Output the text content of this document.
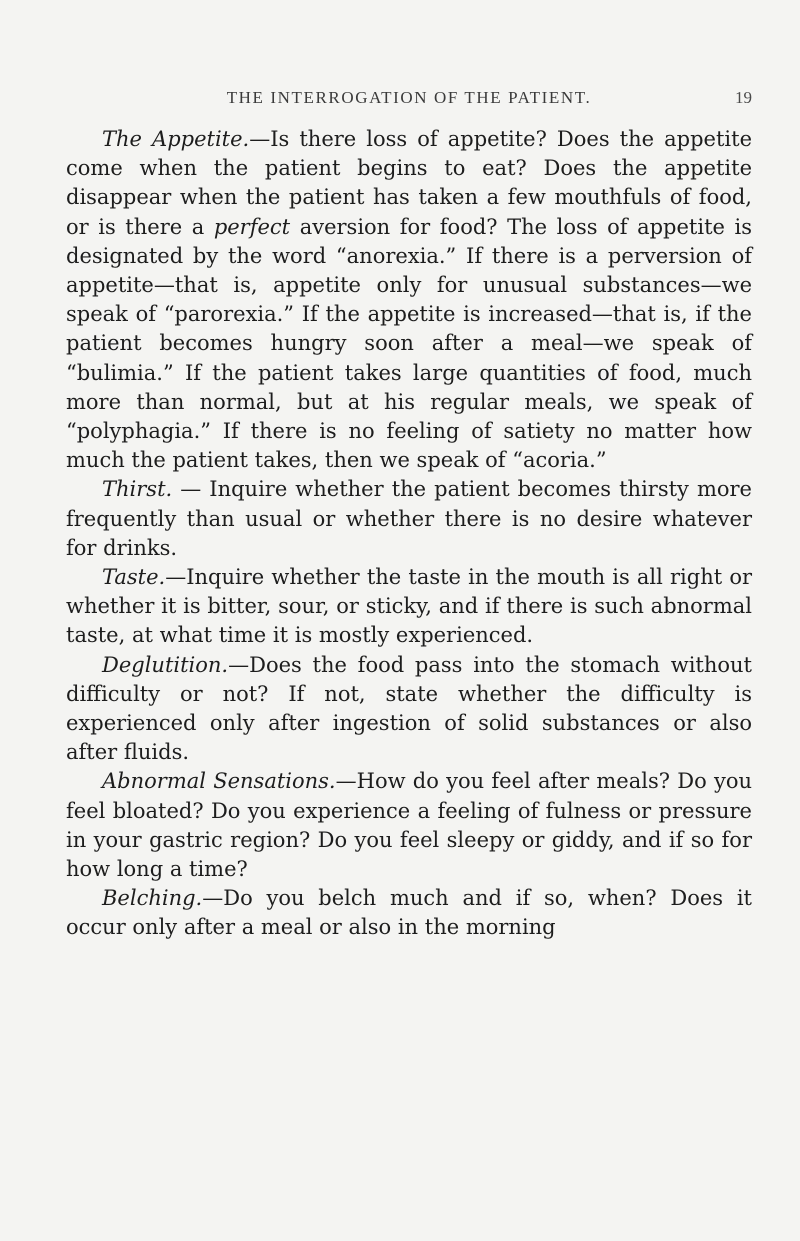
THE INTERROGATION OF THE PATIENT.	19

The Appetite.—Is there loss of appetite? Does the appetite come when the patient begins to eat? Does the appetite disappear when the patient has taken a few mouthfuls of food, or is there a perfect aversion for food? The loss of appetite is designated by the word “anorexia.” If there is a perversion of appetite—that is, appetite only for unusual substances—we speak of “parorexia.” If the appetite is increased—that is, if the patient becomes hungry soon after a meal—we speak of “bulimia.” If the patient takes large quantities of food, much more than normal, but at his regular meals, we speak of “polyphagia.” If there is no feeling of satiety no matter how much the patient takes, then we speak of “acoria.”

Thirst. — Inquire whether the patient becomes thirsty more frequently than usual or whether there is no desire whatever for drinks.

Taste.—Inquire whether the taste in the mouth is all right or whether it is bitter, sour, or sticky, and if there is such abnormal taste, at what time it is mostly experienced.

Deglutition.—Does the food pass into the stomach without difficulty or not? If not, state whether the difficulty is experienced only after ingestion of solid substances or also after fluids.

Abnormal Sensations.—How do you feel after meals? Do you feel bloated? Do you experience a feeling of fulness or pressure in your gastric region? Do you feel sleepy or giddy, and if so for how long a time?

Belching.—Do you belch much and if so, when? Does it occur only after a meal or also in the morning
